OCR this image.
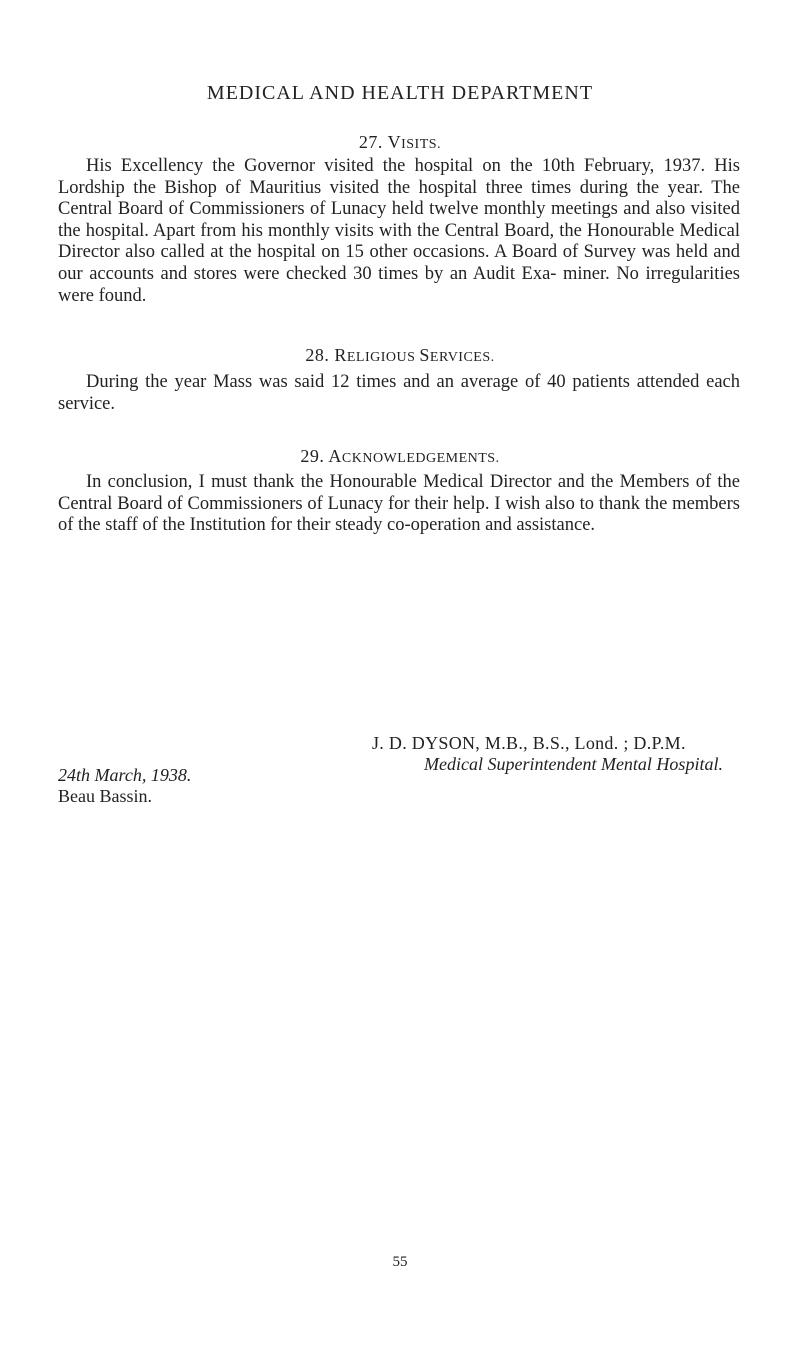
MEDICAL AND HEALTH DEPARTMENT
27. VISITS.
His Excellency the Governor visited the hospital on the 10th February, 1937. His Lordship the Bishop of Mauritius visited the hospital three times during the year. The Central Board of Commissioners of Lunacy held twelve monthly meetings and also visited the hospital. Apart from his monthly visits with the Central Board, the Honourable Medical Director also called at the hospital on 15 other occasions. A Board of Survey was held and our accounts and stores were checked 30 times by an Audit Exa- miner. No irregularities were found.
28. RELIGIOUS SERVICES.
During the year Mass was said 12 times and an average of 40 patients attended each service.
29. ACKNOWLEDGEMENTS.
In conclusion, I must thank the Honourable Medical Director and the Members of the Central Board of Commissioners of Lunacy for their help. I wish also to thank the members of the staff of the Institution for their steady co-operation and assistance.
J. D. DYSON, M.B., B.S., Lond. ; D.P.M.
Medical Superintendent Mental Hospital.
24th March, 1938.
Beau Bassin.
55
